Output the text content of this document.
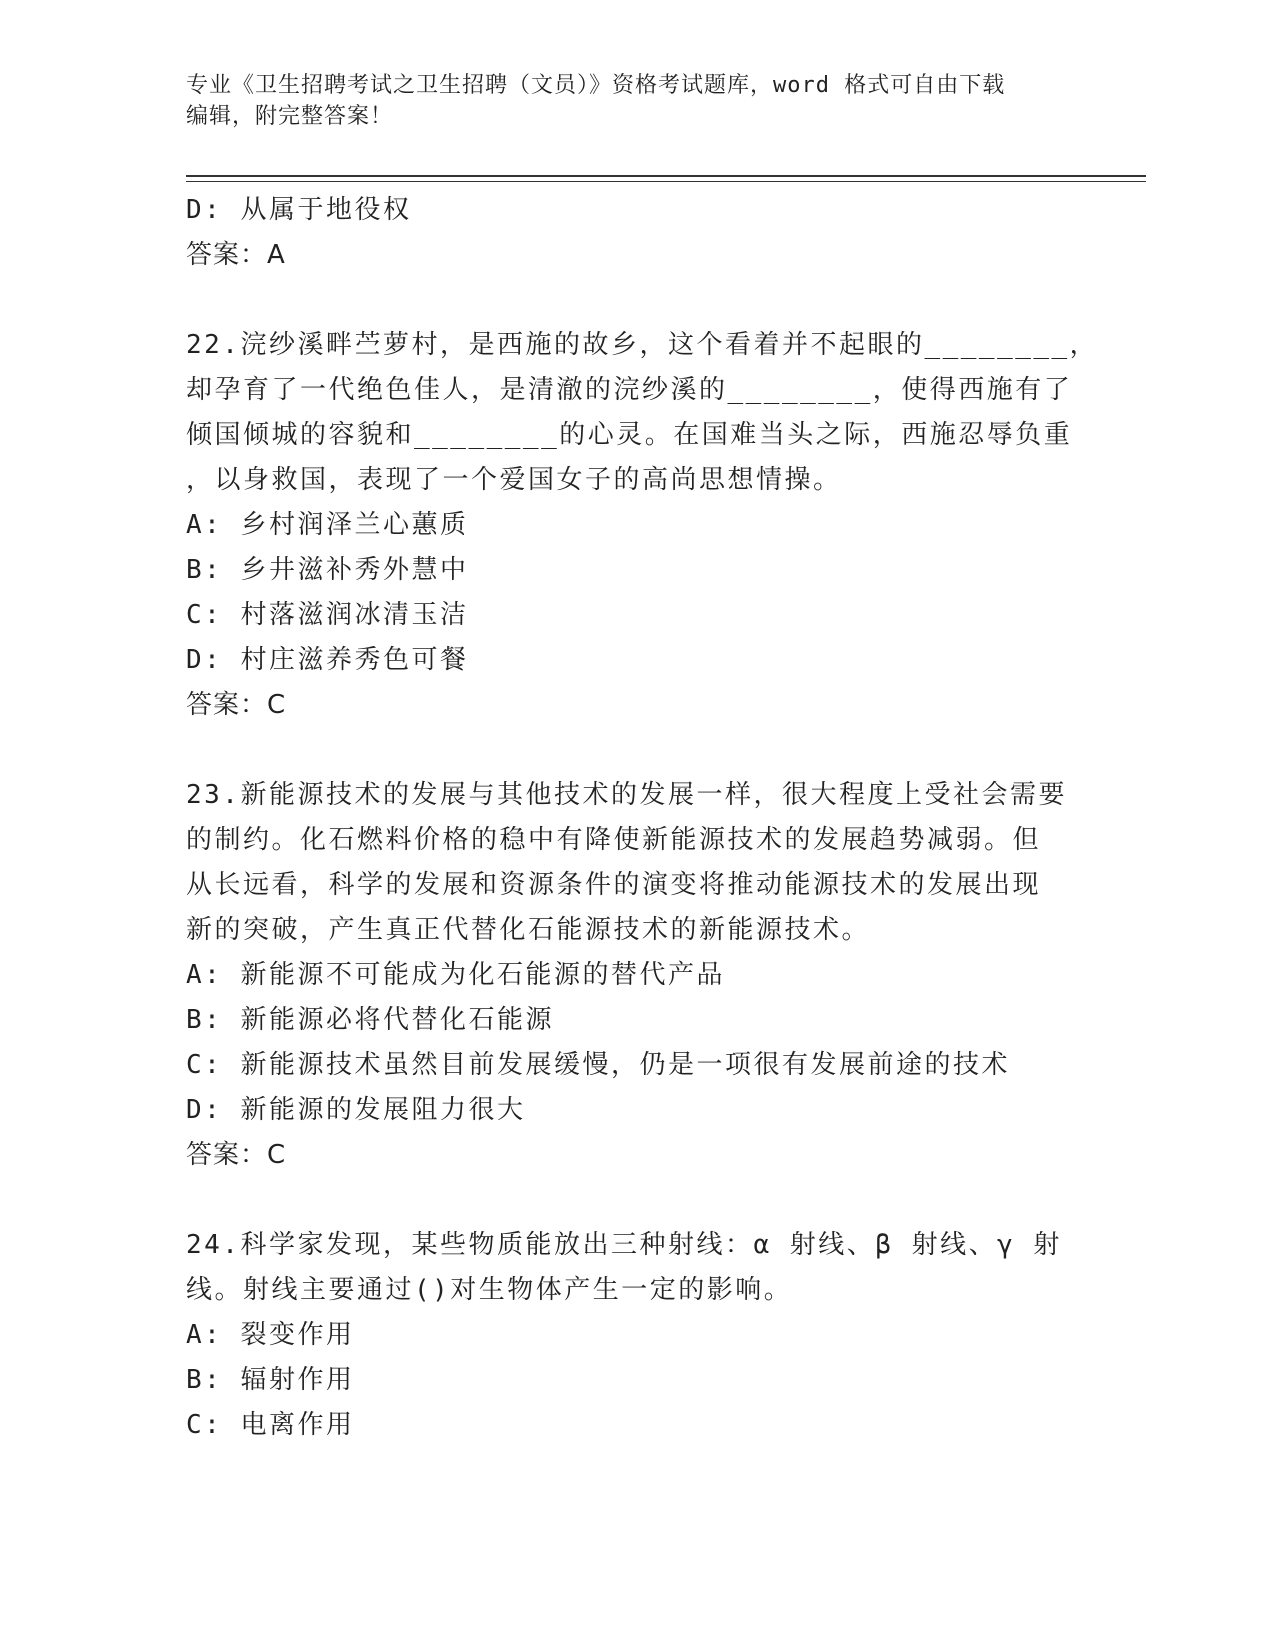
专业《卫生招聘考试之卫生招聘（文员）》资格考试题库，word 格式可自由下载

编辑，附完整答案！

D: 从属于地役权

答案：A

22.浣纱溪畔苎萝村，是西施的故乡，这个看着并不起眼的________，

却孕育了一代绝色佳人，是清澈的浣纱溪的________，使得西施有了

倾国倾城的容貌和________的心灵。在国难当头之际，西施忍辱负重

，以身救国，表现了一个爱国女子的高尚思想情操。

A: 乡村润泽兰心蕙质

B: 乡井滋补秀外慧中

C: 村落滋润冰清玉洁

D: 村庄滋养秀色可餐

答案：C

23.新能源技术的发展与其他技术的发展一样，很大程度上受社会需要

的制约。化石燃料价格的稳中有降使新能源技术的发展趋势减弱。但

从长远看，科学的发展和资源条件的演变将推动能源技术的发展出现

新的突破，产生真正代替化石能源技术的新能源技术。

A: 新能源不可能成为化石能源的替代产品

B: 新能源必将代替化石能源

C: 新能源技术虽然目前发展缓慢，仍是一项很有发展前途的技术

D: 新能源的发展阻力很大

答案：C

24.科学家发现，某些物质能放出三种射线：α 射线、β 射线、γ 射

线。射线主要通过()对生物体产生一定的影响。

A: 裂变作用

B: 辐射作用

C: 电离作用
